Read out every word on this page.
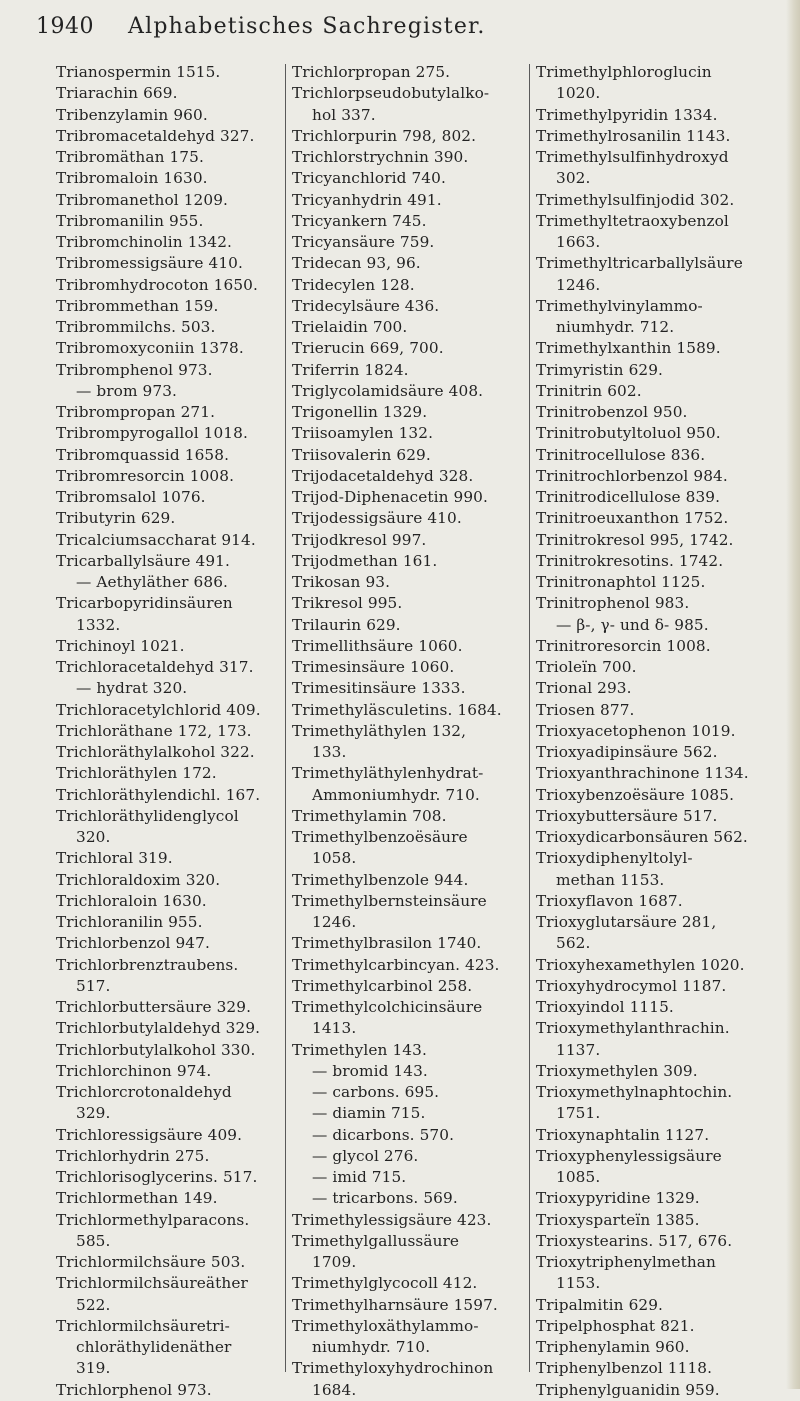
1940 Alphabetisches Sachregister.
Trianospermin 1515.
Triarachin 669.
Tribenzylamin 960.
Tribromacetaldehyd 327.
Tribromäthan 175.
Tribromaloin 1630.
Tribromanethol 1209.
Tribromanilin 955.
Tribromchinolin 1342.
Tribromessigsäure 410.
Tribromhydrocoton 1650.
Tribrommethan 159.
Tribrommilchs. 503.
Tribromoxyconiin 1378.
Tribromphenol 973.
— brom 973.
Tribrompropan 271.
Tribrompyrogallol 1018.
Tribromquassid 1658.
Tribromresorcin 1008.
Tribromsalol 1076.
Tributyrin 629.
Tricalciumsaccharat 914.
Tricarballylsäure 491.
— Aethyläther 686.
Tricarbopyridinsäuren
1332.
Trichinoyl 1021.
Trichloracetaldehyd 317.
— hydrat 320.
Trichloracetylchlorid 409.
Trichloräthane 172, 173.
Trichloräthylalkohol 322.
Trichloräthylen 172.
Trichloräthylendichl. 167.
Trichloräthylidenglycol
320.
Trichloral 319.
Trichloraldoxim 320.
Trichloraloin 1630.
Trichloranilin 955.
Trichlorbenzol 947.
Trichlorbrenztraubens.
517.
Trichlorbuttersäure 329.
Trichlorbutylaldehyd 329.
Trichlorbutylalkohol 330.
Trichlorchinon 974.
Trichlorcrotonaldehyd
329.
Trichloressigsäure 409.
Trichlorhydrin 275.
Trichlorisoglycerins. 517.
Trichlormethan 149.
Trichlormethylparacons.
585.
Trichlormilchsäure 503.
Trichlormilchsäureäther
522.
Trichlormilchsäuretri-
chloräthylidenäther
319.
Trichlorphenol 973.
Trichlorpropan 275.
Trichlorpseudobutylalko-
hol 337.
Trichlorpurin 798, 802.
Trichlorstrychnin 390.
Tricyanchlorid 740.
Tricyanhydrin 491.
Tricyankern 745.
Tricyansäure 759.
Tridecan 93, 96.
Tridecylen 128.
Tridecylsäure 436.
Trielaidin 700.
Trierucin 669, 700.
Triferrin 1824.
Triglycolamidsäure 408.
Trigonellin 1329.
Triisoamylen 132.
Triisovalerin 629.
Trijodacetaldehyd 328.
Trijod-Diphenacetin 990.
Trijodessigsäure 410.
Trijodkresol 997.
Trijodmethan 161.
Trikosan 93.
Trikresol 995.
Trilaurin 629.
Trimellithsäure 1060.
Trimesinsäure 1060.
Trimesitinsäure 1333.
Trimethyläsculetins. 1684.
Trimethyläthylen 132,
133.
Trimethyläthylenhydrat-
Ammoniumhydr. 710.
Trimethylamin 708.
Trimethylbenzoësäure
1058.
Trimethylbenzole 944.
Trimethylbernsteinsäure
1246.
Trimethylbrasilon 1740.
Trimethylcarbincyan. 423.
Trimethylcarbinol 258.
Trimethylcolchicinsäure
1413.
Trimethylen 143.
— bromid 143.
— carbons. 695.
— diamin 715.
— dicarbons. 570.
— glycol 276.
— imid 715.
— tricarbons. 569.
Trimethylessigsäure 423.
Trimethylgallussäure
1709.
Trimethylglycocoll 412.
Trimethylharnsäure 1597.
Trimethyloxäthylammo-
niumhydr. 710.
Trimethyloxyhydrochinon
1684.
Trimethylphloroglucin
1020.
Trimethylpyridin 1334.
Trimethylrosanilin 1143.
Trimethylsulfinhydroxyd
302.
Trimethylsulfinjodid 302.
Trimethyltetraoxybenzol
1663.
Trimethyltricarballylsäure
1246.
Trimethylvinylammo-
niumhydr. 712.
Trimethylxanthin 1589.
Trimyristin 629.
Trinitrin 602.
Trinitrobenzol 950.
Trinitrobutyltoluol 950.
Trinitrocellulose 836.
Trinitrochlorbenzol 984.
Trinitrodicellulose 839.
Trinitroeuxanthon 1752.
Trinitrokresol 995, 1742.
Trinitrokresotins. 1742.
Trinitronaphtol 1125.
Trinitrophenol 983.
— β-, γ- und δ- 985.
Trinitroresorcin 1008.
Trioleïn 700.
Trional 293.
Triosen 877.
Trioxyacetophenon 1019.
Trioxyadipinsäure 562.
Trioxyanthrachinone 1134.
Trioxybenzoësäure 1085.
Trioxybuttersäure 517.
Trioxydicarbonsäuren 562.
Trioxydiphenyltolyl-
methan 1153.
Trioxyflavon 1687.
Trioxyglutarsäure 281,
562.
Trioxyhexamethylen 1020.
Trioxyhydrocymol 1187.
Trioxyindol 1115.
Trioxymethylanthrachin.
1137.
Trioxymethylen 309.
Trioxymethylnaphtochin.
1751.
Trioxynaphtalin 1127.
Trioxyphenylessigsäure
1085.
Trioxypyridine 1329.
Trioxysparteïn 1385.
Trioxystearins. 517, 676.
Trioxytriphenylmethan
1153.
Tripalmitin 629.
Tripelphosphat 821.
Triphenylamin 960.
Triphenylbenzol 1118.
Triphenylguanidin 959.
